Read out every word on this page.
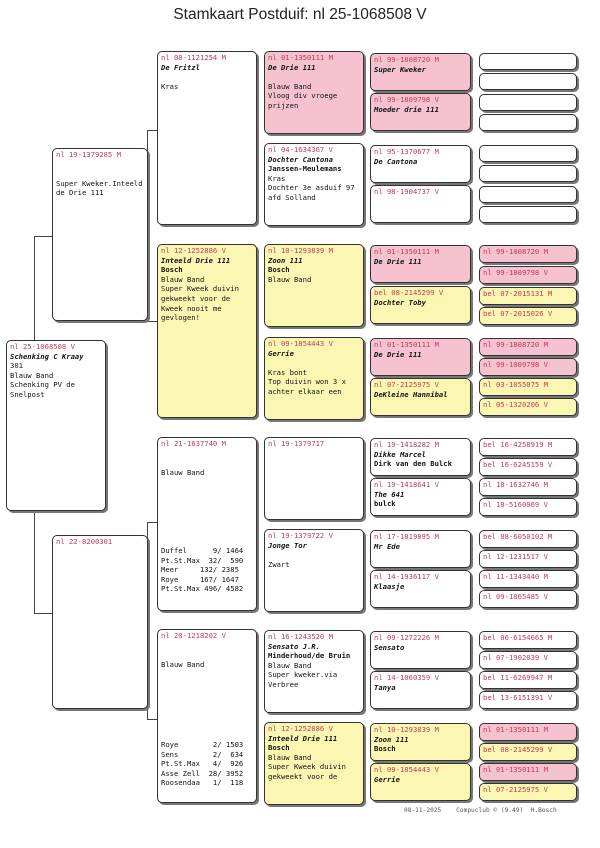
Stamkaart Postduif: nl 25-1068508 V
nl 25-1068508 V
Schenking C Kraay
301
Blauw Band
Schenking PV de
Snelpost
nl 19-1379285 M
Super Kweker.Inteeld
de Drie 111
nl 22-8200301
nl 08-1121254 M
De Fritzl
Kras
nl 12-1252886 V
Inteeld Drie 111
Bosch
Blauw Band
Super Kweek duivin
gekweekt voor de
Kweek nooit me
gevlogen!
nl 21-1637740 M
Blauw Band
Duffel      9/ 1464
Pt.St.Max  32/  590
Meer     132/ 2385
Roye     167/ 1647
Pt.St.Max 496/ 4582
nl 20-1218202 V
Blauw Band
Roye        2/ 1503
Sens        2/  634
Pt.St.Max   4/  926
Asse Zell  28/ 3952
Roosendaa   1/  118
nl 01-1350111 M
De Drie 111
Blauw Band
Vloog div vroege
prijzen
nl 04-1634367 V
Dochter Cantona
Janssen-Meulemans
Kras
Dochter 3e asduif 97
afd Solland
nl 10-1293839 M
Zoon 111
Bosch
Blauw Band
nl 09-1854443 V
Gerrie
Kras bont
Top duivin won 3 x
achter elkaar een
nl 19-1379717
nl 19-1379722 V
Jonge Tor
Zwart
nl 16-1243520 M
Sensato J.R.
Minderhoud/de Bruin
Blauw Band
Super kweker.via
Verbree
nl 12-1252886 V
Inteeld Drie 111
Bosch
Blauw Band
Super Kweek duivin
gekweekt voor de
nl 99-1808720 M
Super Kweker
nl 99-1809798 V
Moeder drie 111
nl 95-1370677 M
De Cantona
nl 98-1904737 V
nl 01-1350111 M
De Drie 111
bel 08-2145299 V
Dochter Toby
nl 01-1350111 M
De Drie 111
nl 07-2125975 V
DeKleine Hannibal
nl 19-1418282 M
Dikke Marcel
Dirk van den Bulck
nl 19-1418641 V
The 641
bulck
nl 17-1819895 M
Mr Ede
nl 14-1936117 V
Klaasje
nl 09-1272226 M
Sensato
nl 14-1060359 V
Tanya
nl 10-1293839 M
Zoon 111
Bosch
nl 09-1854443 V
Gerrie
nl 99-1808720 M
nl 99-1809798 V
bel 07-2015131 M
bel 07-2015026 V
nl 99-1808720 M
nl 99-1809798 V
nl 03-1055075 M
nl 05-1320206 V
bel 16-4258919 M
bel 16-6245159 V
nl 18-1632746 M
nl 18-5160069 V
bel 08-6050102 M
nl 12-1231517 V
nl 11-1343440 M
nl 09-1865485 V
bel 06-6154665 M
nl 07-1902039 V
bel 11-6269947 M
bel 13-6151391 V
nl 01-1350111 M
bel 08-2145299 V
nl 01-1350111 M
nl 07-2125975 V
08-11-2025    Compuclub © (9.49)  H.Bosch
